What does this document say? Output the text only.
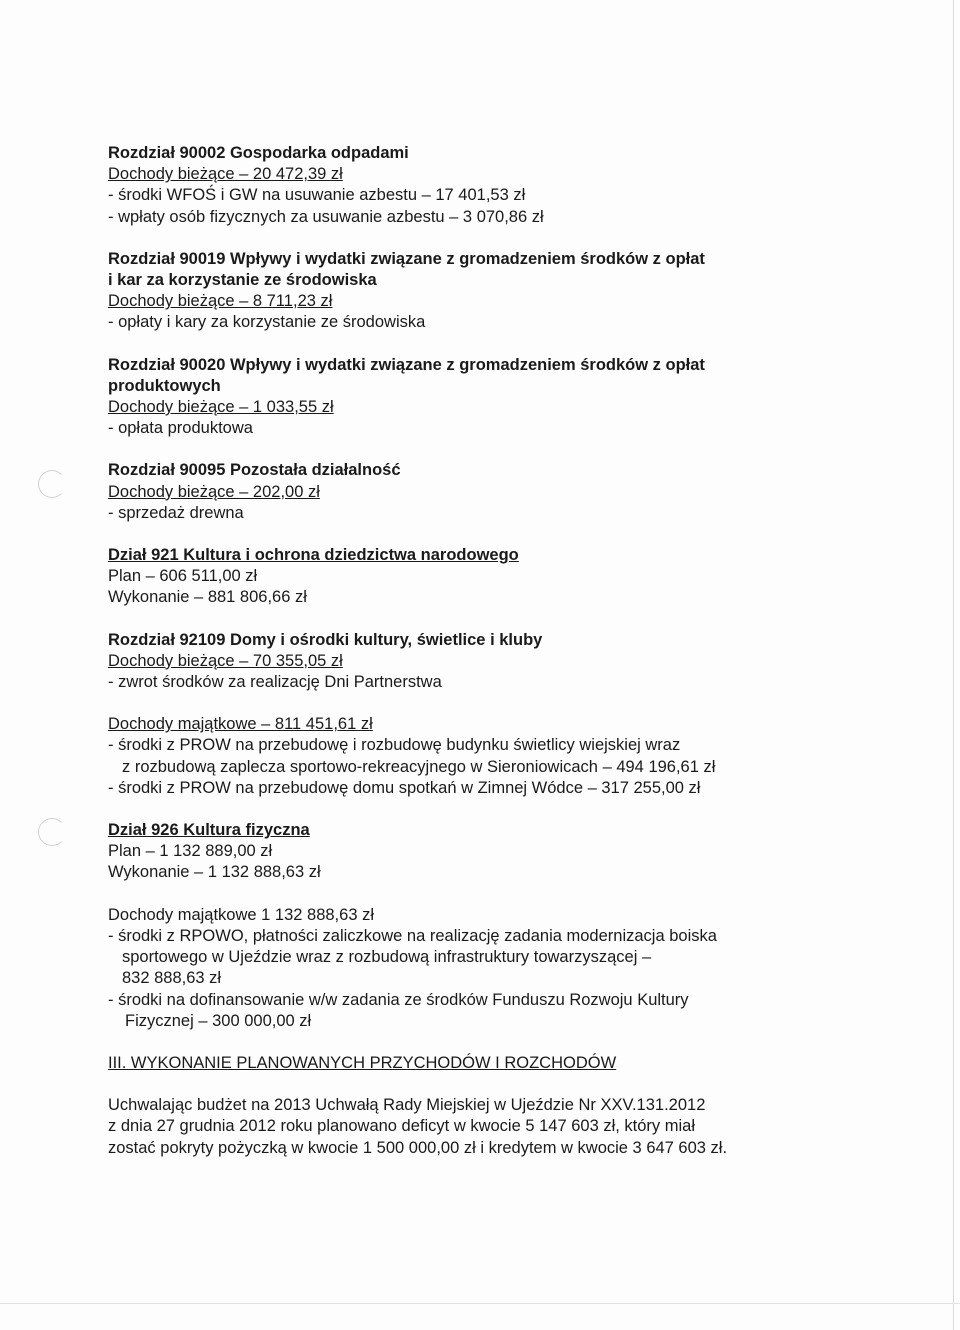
Rozdział 90002 Gospodarka odpadami

Dochody bieżące – 20 472,39 zł

- środki WFOŚ i GW na usuwanie azbestu – 17 401,53 zł

- wpłaty osób fizycznych za usuwanie azbestu – 3 070,86 zł

Rozdział 90019 Wpływy i wydatki związane z gromadzeniem środków z opłat

i kar za korzystanie ze środowiska

Dochody bieżące – 8 711,23 zł

- opłaty i kary za korzystanie ze środowiska

Rozdział 90020 Wpływy i wydatki związane z gromadzeniem środków z opłat

produktowych

Dochody bieżące – 1 033,55 zł

- opłata produktowa

Rozdział 90095 Pozostała działalność

Dochody bieżące – 202,00 zł

- sprzedaż drewna

Dział 921 Kultura i ochrona dziedzictwa narodowego

Plan – 606 511,00 zł

Wykonanie – 881 806,66 zł

Rozdział 92109 Domy i ośrodki kultury, świetlice i kluby

Dochody bieżące – 70 355,05 zł

- zwrot środków za realizację Dni Partnerstwa

Dochody majątkowe – 811 451,61 zł

- środki z PROW na przebudowę i rozbudowę budynku świetlicy wiejskiej wraz

z rozbudową zaplecza sportowo-rekreacyjnego w Sieroniowicach – 494 196,61 zł

- środki z PROW na przebudowę domu spotkań w Zimnej Wódce – 317 255,00 zł

Dział 926 Kultura fizyczna

Plan – 1 132 889,00 zł

Wykonanie – 1 132 888,63 zł

Dochody majątkowe 1 132 888,63 zł

- środki z RPOWO, płatności zaliczkowe na realizację zadania modernizacja boiska

sportowego w Ujeździe wraz z rozbudową infrastruktury towarzyszącej –

832 888,63 zł

- środki na dofinansowanie w/w zadania ze środków Funduszu Rozwoju Kultury

Fizycznej – 300 000,00 zł

III. WYKONANIE PLANOWANYCH PRZYCHODÓW I ROZCHODÓW

Uchwalając budżet na 2013 Uchwałą Rady Miejskiej w Ujeździe Nr XXV.131.2012

z dnia 27 grudnia 2012 roku planowano deficyt w kwocie 5 147 603 zł, który miał

zostać pokryty pożyczką w kwocie 1 500 000,00 zł i kredytem w kwocie 3 647 603 zł.
